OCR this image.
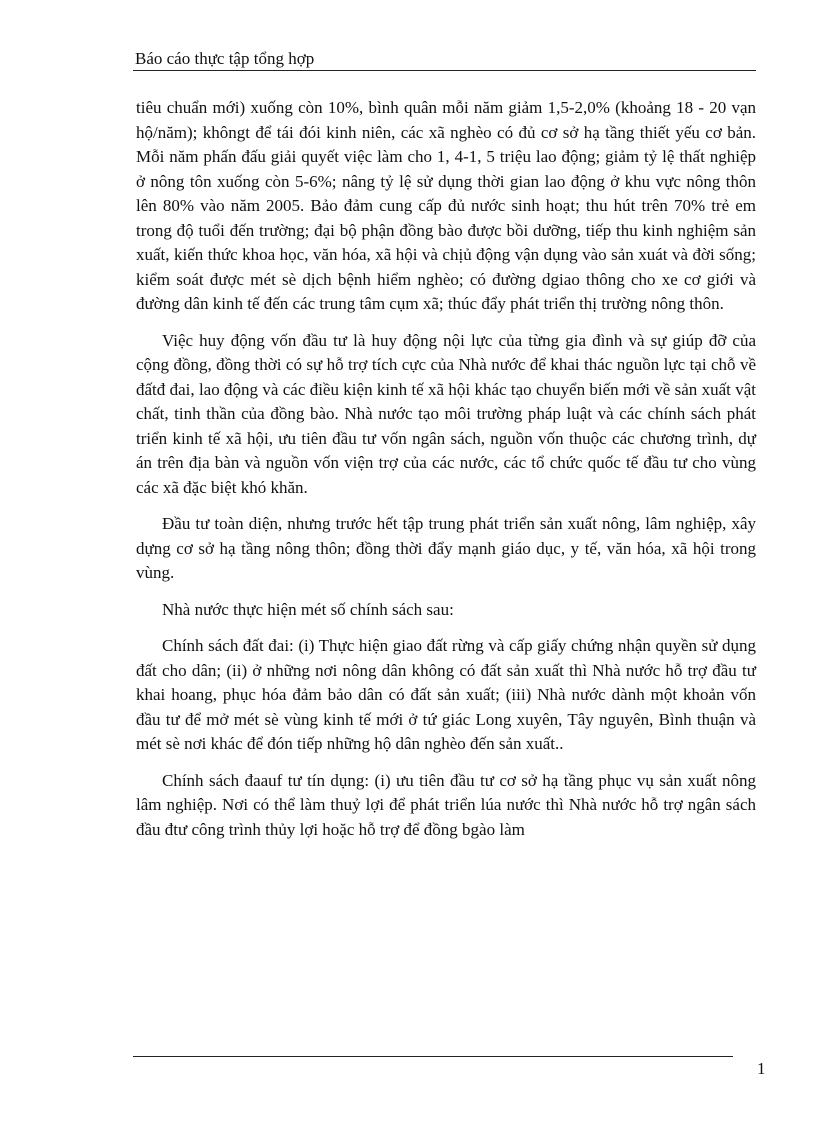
Báo cáo thực tập tổng hợp

tiêu chuẩn mới) xuống còn 10%, bình quân mỗi năm giảm 1,5-2,0% (khoảng 18 - 20 vạn hộ/năm); khôngt để tái đói kinh niên, các xã nghèo có đủ cơ sở hạ tầng thiết yếu cơ bản. Mỗi năm phấn đấu giải quyết việc làm cho 1, 4-1, 5 triệu lao động; giảm tỷ lệ thất nghiệp ở nông tôn xuống còn 5-6%; nâng tỷ lệ sử dụng thời gian lao động ở khu vực nông thôn lên 80% vào năm 2005. Bảo đảm cung cấp đủ nước sinh hoạt; thu hút trên 70% trẻ em trong độ tuổi đến trường; đại bộ phận đồng bào được bồi dưỡng, tiếp thu kinh nghiệm sản xuất, kiến thức khoa học, văn hóa, xã hội và chịủ động vận dụng vào sản xuát và đời sống; kiểm soát được mét sè dịch bệnh hiểm nghèo; có đường dgiao thông cho xe cơ giới và đường dân kinh tế đến các trung tâm cụm xã; thúc đẩy phát triển thị trường nông thôn.

Việc huy động vốn đầu tư là huy động nội lực của từng gia đình và sự giúp đỡ của cộng đồng, đồng thời có sự hỗ trợ tích cực của Nhà nước để khai thác nguồn lực tại chỗ về đấtđ đai, lao động và các điều kiện kinh tế xã hội khác tạo chuyển biến mới về sản xuất vật chất, tinh thần của đồng bào. Nhà nước tạo môi trường pháp luật và các chính sách phát triển kinh tế xã hội, ưu tiên đầu tư vốn ngân sách, nguồn vốn thuộc các chương trình, dự án trên địa bàn và nguồn vốn viện trợ của các nước, các tổ chức quốc tế đầu tư cho vùng các xã đặc biệt khó khăn.

Đầu tư toàn diện, nhưng trước hết tập trung phát triển sản xuất nông, lâm nghiệp, xây dựng cơ sở hạ tầng nông thôn; đồng thời đẩy mạnh giáo dục, y tế, văn hóa, xã hội trong vùng.

Nhà nước thực hiện mét số chính sách sau:

Chính sách đất đai: (i) Thực hiện giao đất rừng và cấp giấy chứng nhận quyền sử dụng đất cho dân; (ii) ở những nơi nông dân không có đất sản xuất thì Nhà nước hỗ trợ đầu tư khai hoang, phục hóa đảm bảo dân có đất sản xuất; (iii) Nhà nước dành một khoản vốn đầu tư để mở mét sè vùng kinh tế mới ở tứ giác Long xuyên, Tây nguyên, Bình thuận và mét sè nơi khác để đón tiếp những hộ dân nghèo đến sản xuất..

Chính sách đaauf tư tín dụng: (i) ưu tiên đầu tư cơ sở hạ tầng phục vụ sản xuất nông lâm nghiệp. Nơi có thể làm thuỷ lợi để phát triển lúa nước thì Nhà nước hỗ trợ ngân sách đầu đtư công trình thủy lợi hoặc hỗ trợ để đồng bgào làm

1
